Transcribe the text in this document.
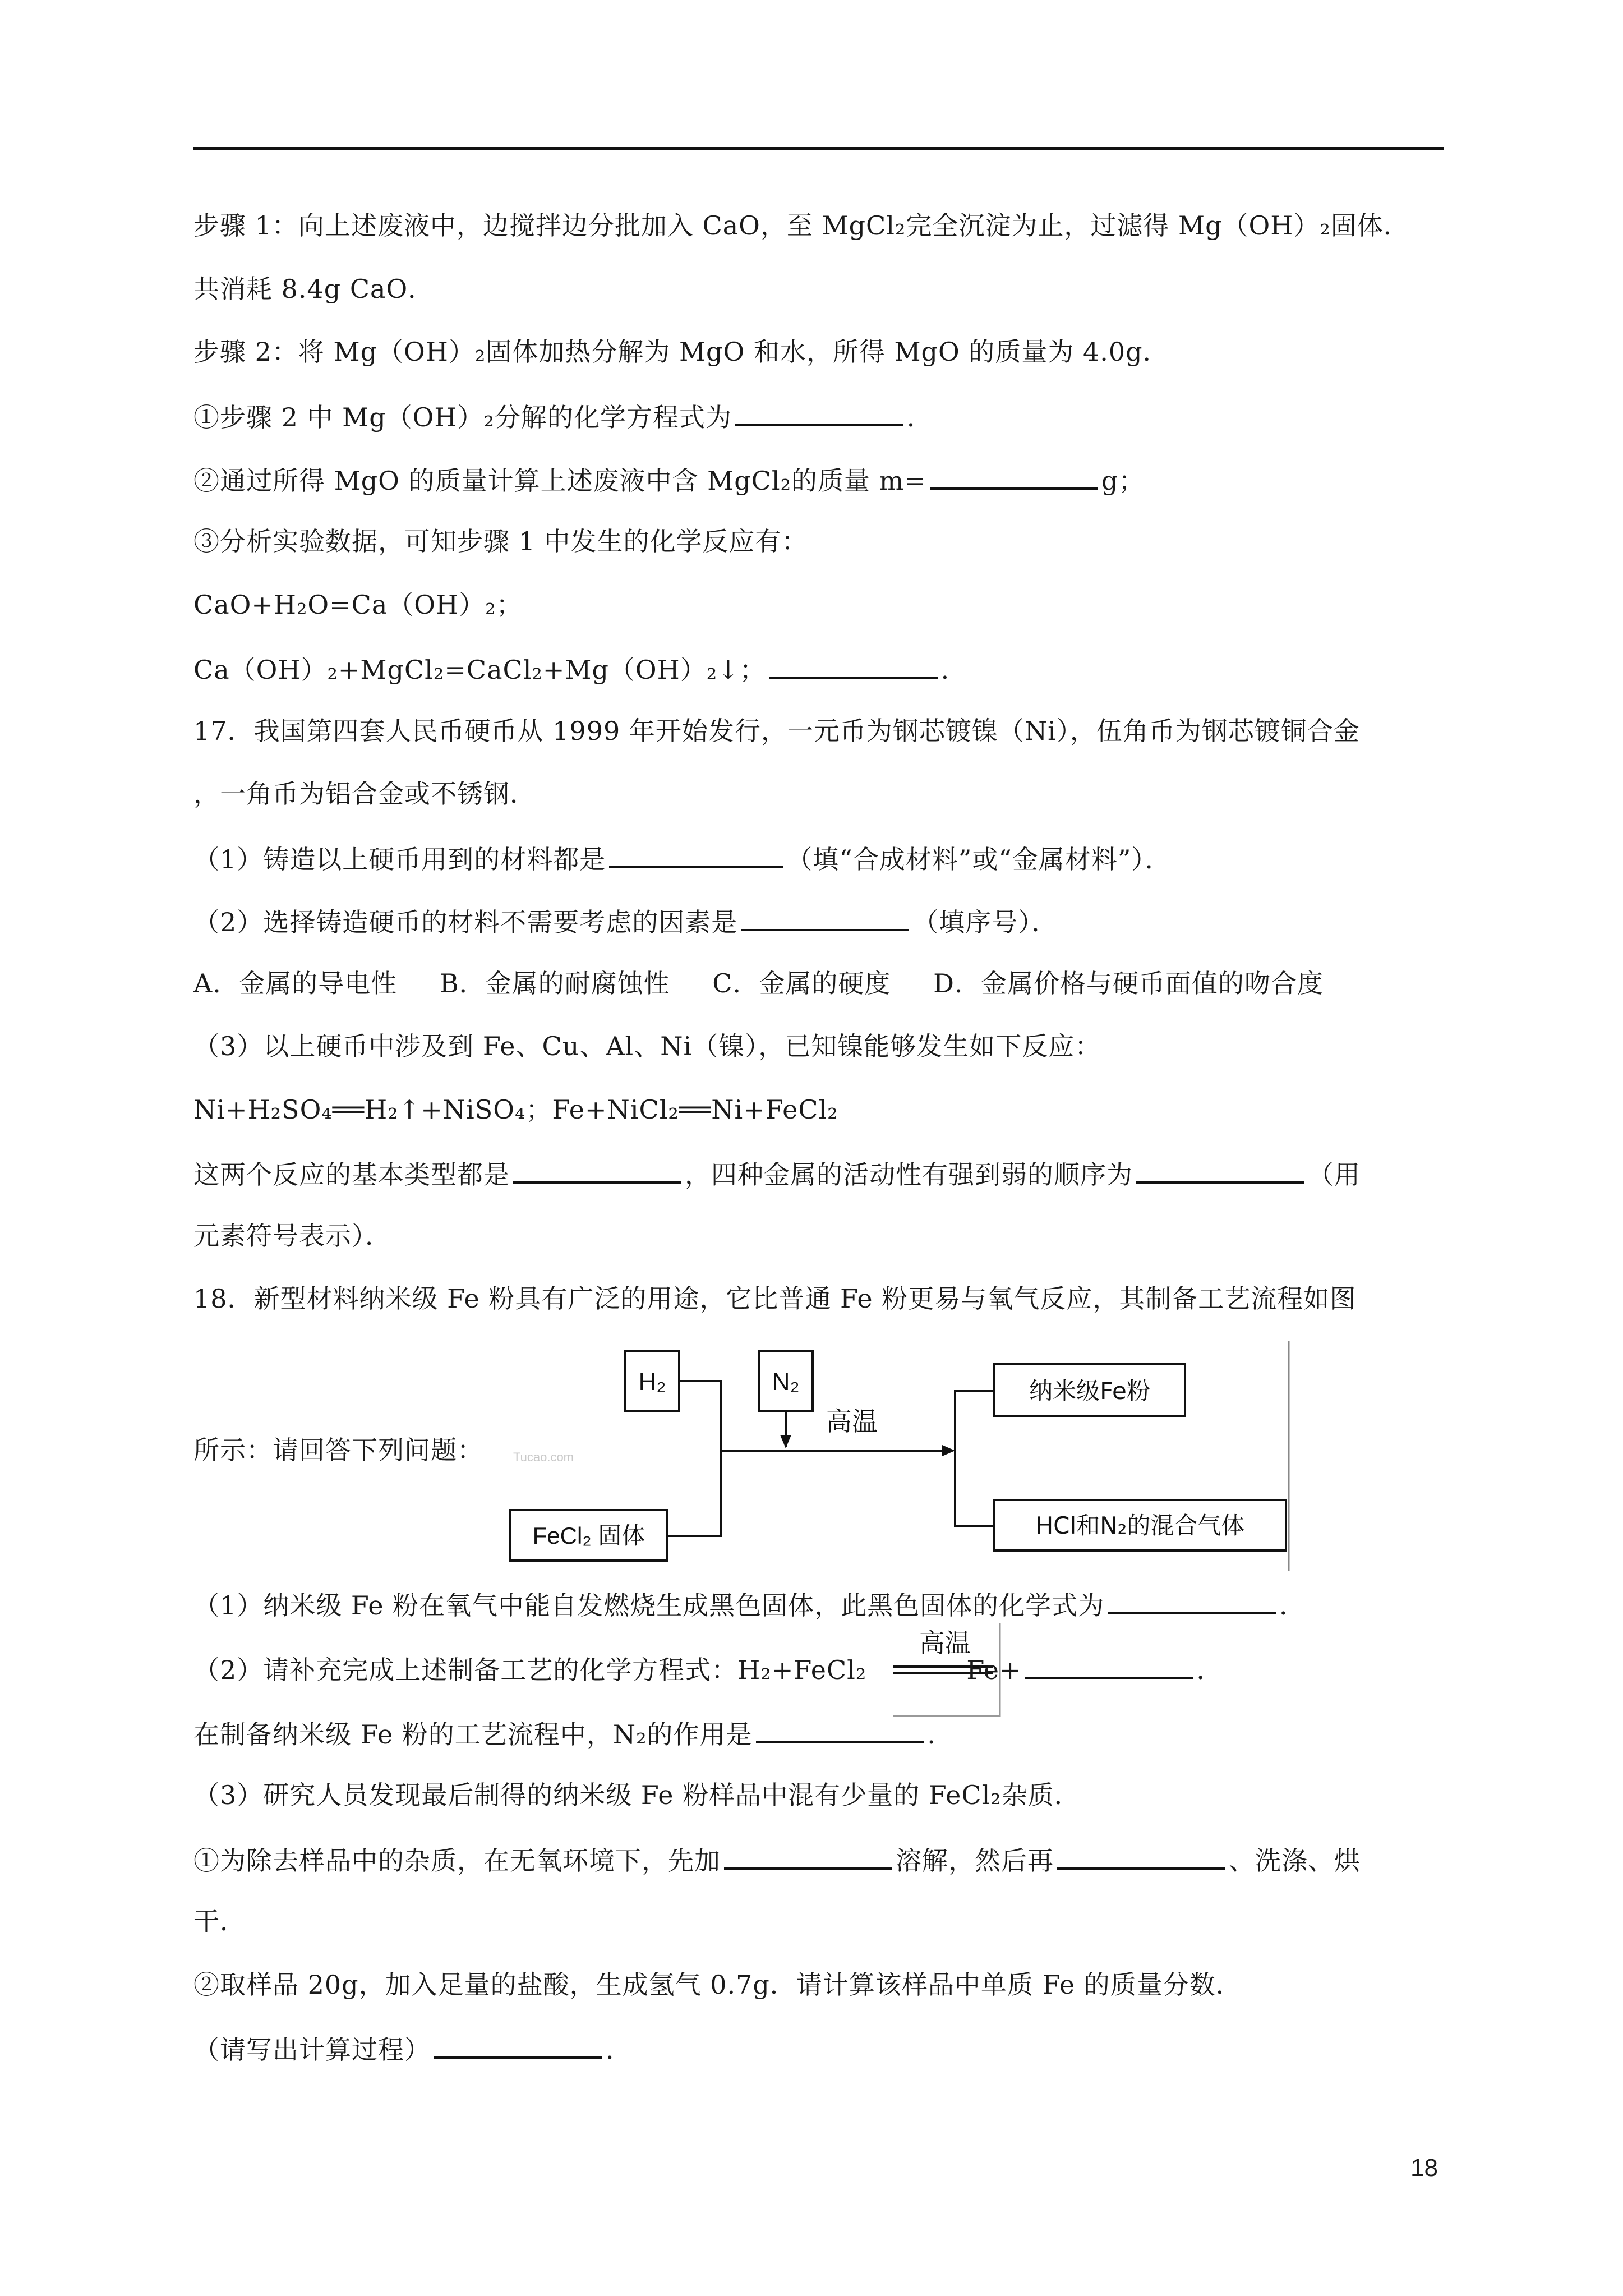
步骤 1：向上述废液中，边搅拌边分批加入 CaO，至 MgCl₂完全沉淀为止，过滤得 Mg（OH）₂固体．
共消耗 8.4g CaO．
步骤 2：将 Mg（OH）₂固体加热分解为 MgO 和水，所得 MgO 的质量为 4.0g．
①步骤 2 中 Mg（OH）₂分解的化学方程式为	．
②通过所得 MgO 的质量计算上述废液中含 MgCl₂的质量 m=	g；
③分析实验数据，可知步骤 1 中发生的化学反应有：
CaO+H₂O=Ca（OH）₂；
Ca（OH）₂+MgCl₂=CaCl₂+Mg（OH）₂↓；	．
17．我国第四套人民币硬币从 1999 年开始发行，一元币为钢芯镀镍（Ni），伍角币为钢芯镀铜合金
，一角币为铝合金或不锈钢．
（1）铸造以上硬币用到的材料都是	（填“合成材料”或“金属材料”）．
（2）选择铸造硬币的材料不需要考虑的因素是	（填序号）．
A．金属的导电性 B．金属的耐腐蚀性 C．金属的硬度 D．金属价格与硬币面值的吻合度
（3）以上硬币中涉及到 Fe、Cu、Al、Ni（镍），已知镍能够发生如下反应：
Ni+H₂SO₄══H₂↑+NiSO₄；Fe+NiCl₂══Ni+FeCl₂
这两个反应的基本类型都是	，四种金属的活动性有强到弱的顺序为	（用
元素符号表示）．
18．新型材料纳米级 Fe 粉具有广泛的用途，它比普通 Fe 粉更易与氧气反应，其制备工艺流程如图
所示：请回答下列问题：
H₂	N₂
FeCl₂ 固体
高温
Tucao.com
纳米级Fe粉
HCl和N₂的混合气体
（1）纳米级 Fe 粉在氧气中能自发燃烧生成黑色固体，此黑色固体的化学式为	．
高温
（2）请补充完成上述制备工艺的化学方程式：H₂+FeCl₂	Fe+	．
在制备纳米级 Fe 粉的工艺流程中，N₂的作用是	．
（3）研究人员发现最后制得的纳米级 Fe 粉样品中混有少量的 FeCl₂杂质．
①为除去样品中的杂质，在无氧环境下，先加	溶解，然后再	、洗涤、烘
干．
②取样品 20g，加入足量的盐酸，生成氢气 0.7g．请计算该样品中单质 Fe 的质量分数．
（请写出计算过程）	．
18
